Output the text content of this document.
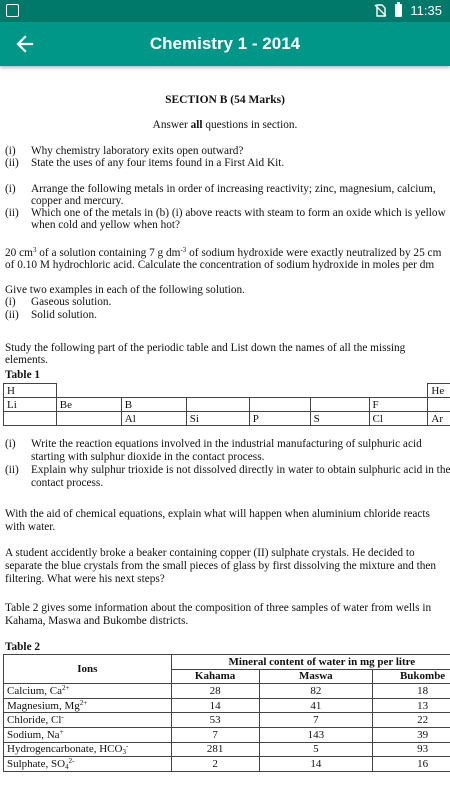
11:35
Chemistry 1 - 2014
SECTION B (54 Marks)
Answer all questions in section.
(i) Why chemistry laboratory exits open outward?
(ii) State the uses of any four items found in a First Aid Kit.
(i) Arrange the following metals in order of increasing reactivity; zinc, magnesium, calcium,
copper and mercury.
(ii) Which one of the metals in (b) (i) above reacts with steam to form an oxide which is yellow
when cold and yellow when hot?
20 $cm^3$ of a solution containing 7 g $dm^{-3}$ of sodium hydroxide were exactly neutralized by 25 cm
of 0.10 M hydrochloric acid. Calculate the concentration of sodium hydroxide in moles per dm
Give two examples in each of the following solution.
(i) Gaseous solution.
(ii) Solid solution.
Study the following part of the periodic table and List down the names of all the missing
elements.
Table 1
H							He
Li	Be	B				F	
		Al	Si	P	S	Cl	Ar
(i) Write the reaction equations involved in the industrial manufacturing of sulphuric acid
starting with sulphur dioxide in the contact process.
(ii) Explain why sulphur trioxide is not dissolved directly in water to obtain sulphuric acid in the
contact process.
With the aid of chemical equations, explain what will happen when aluminium chloride reacts
with water.
A student accidently broke a beaker containing copper (II) sulphate crystals. He decided to
separate the blue crystals from the small pieces of glass by first dissolving the mixture and then
filtering. What were his next steps?
Table 2 gives some information about the composition of three samples of water from wells in
Kahama, Maswa and Bukombe districts.
Table 2
Ions	Mineral content of water in mg per litre		
	Kahama	Maswa	Bukombe
Calcium, $Ca^{2+}$	28	82	18
Magnesium, $Mg^{2+}$	14	41	13
Chloride, Cl-	53	7	22
Sodium, Na+	7	143	39
Hydrogencarbonate, $HCO_3^-$	281	5	93
Sulphate, $SO_4^{2-}$	2	14	16
